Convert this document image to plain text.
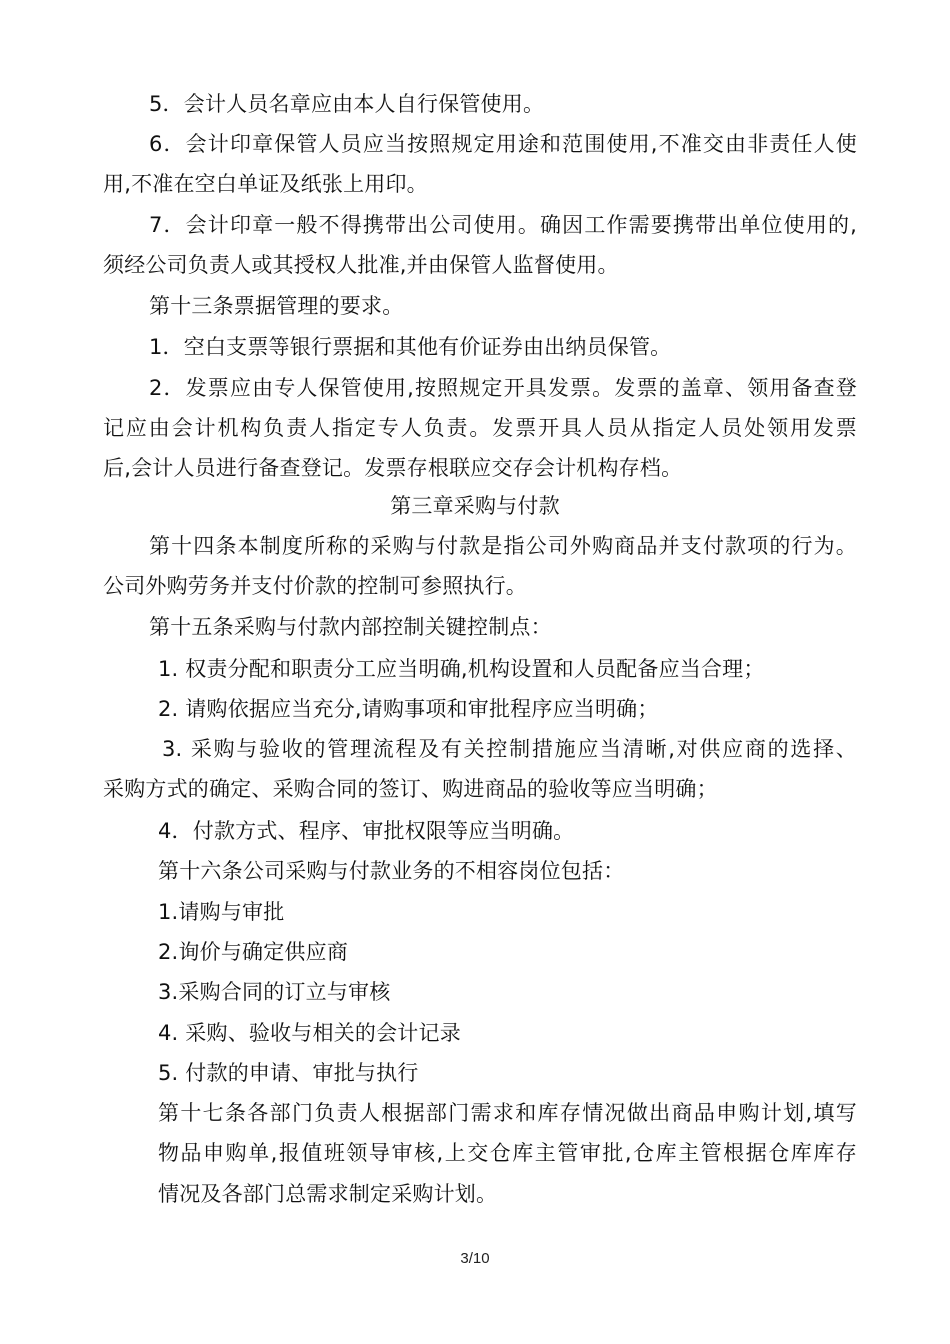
5．会计人员名章应由本人自行保管使用。
6．会计印章保管人员应当按照规定用途和范围使用,不准交由非责任人使
用,不准在空白单证及纸张上用印。
7．会计印章一般不得携带出公司使用。确因工作需要携带出单位使用的,
须经公司负责人或其授权人批准,并由保管人监督使用。
第十三条票据管理的要求。
1．空白支票等银行票据和其他有价证券由出纳员保管。
2．发票应由专人保管使用,按照规定开具发票。发票的盖章、领用备查登
记应由会计机构负责人指定专人负责。发票开具人员从指定人员处领用发票
后,会计人员进行备查登记。发票存根联应交存会计机构存档。
第三章采购与付款
第十四条本制度所称的采购与付款是指公司外购商品并支付款项的行为。
公司外购劳务并支付价款的控制可参照执行。
第十五条采购与付款内部控制关键控制点：
1. 权责分配和职责分工应当明确,机构设置和人员配备应当合理；
2. 请购依据应当充分,请购事项和审批程序应当明确；
3. 采购与验收的管理流程及有关控制措施应当清晰,对供应商的选择、
采购方式的确定、采购合同的签订、购进商品的验收等应当明确；
4．付款方式、程序、审批权限等应当明确。
第十六条公司采购与付款业务的不相容岗位包括：
1.请购与审批
2.询价与确定供应商
3.采购合同的订立与审核
4. 采购、验收与相关的会计记录
5. 付款的申请、审批与执行
第十七条各部门负责人根据部门需求和库存情况做出商品申购计划,填写
物品申购单,报值班领导审核,上交仓库主管审批,仓库主管根据仓库库存
情况及各部门总需求制定采购计划。
3/10
